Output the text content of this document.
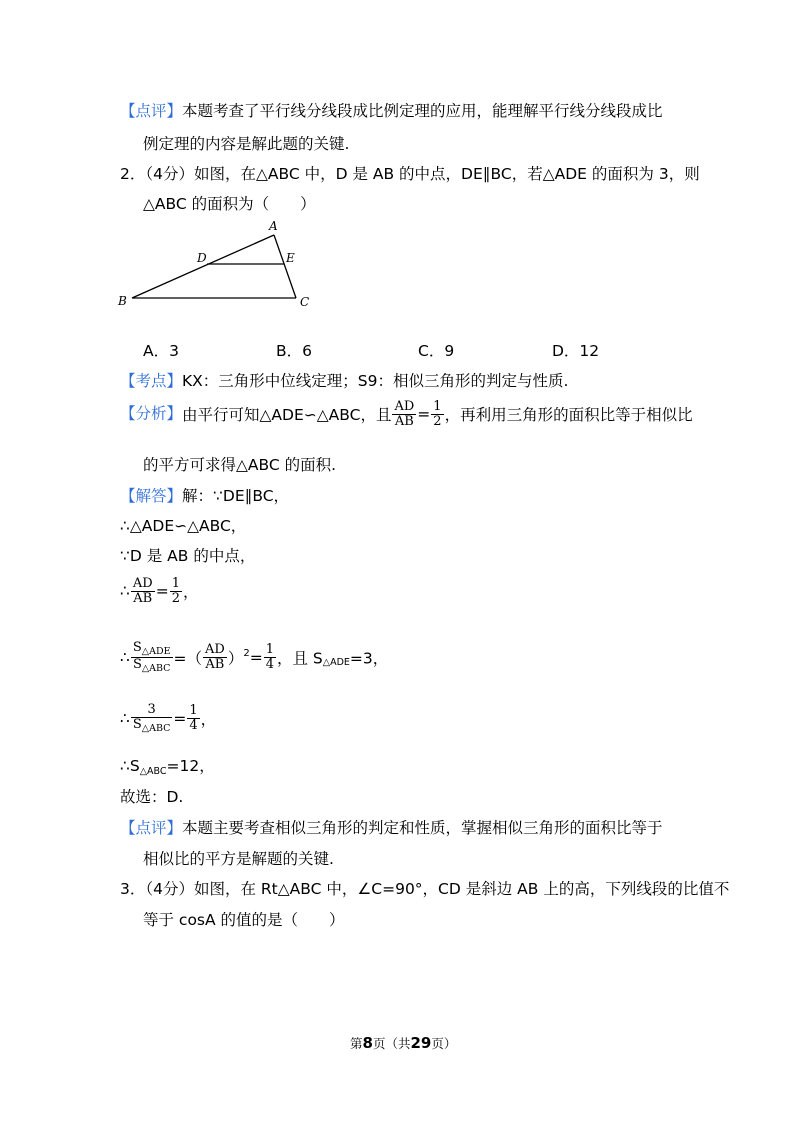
【点评】本题考查了平行线分线段成比例定理的应用，能理解平行线分线段成比
例定理的内容是解此题的关键.
2．（4分）如图，在△ABC 中，D 是 AB 的中点，DE∥BC，若△ADE 的面积为 3，则
△ABC 的面积为（　　）
A
B	C
D	E
A．3	B．6	C．9	D．12
【考点】KX：三角形中位线定理；S9：相似三角形的判定与性质.
【分析】由平行可知△ADE∽△ABC，且 $\frac{AD}{AB} = \frac{1}{2}$ ，再利用三角形的面积比等于相似比
的平方可求得△ABC 的面积.
【解答】解：∵DE∥BC，
∴△ADE∽△ABC，
∵D 是 AB 的中点，
∴ $\frac{AD}{AB} = \frac{1}{2}$ ，
∴ $\frac{S_{\triangle ADE}}{S_{\triangle ABC}}$ =（ $\frac{AD}{AB} )^2= \frac{1}{4}$ ，且 $S_{\triangle ADE}=3$，
∴ $\frac{3}{S_{\triangle ABC}} = \frac{1}{4}$ ，
$\therefore S_{\triangle ABC}=12$，
故选：D.
【点评】本题主要考查相似三角形的判定和性质，掌握相似三角形的面积比等于
相似比的平方是解题的关键.
3．（4分）如图，在 Rt△ABC 中，∠C=90°，CD 是斜边 AB 上的高，下列线段的比值不
等于 cosA 的值的是（　　）
第8页（共29页）
